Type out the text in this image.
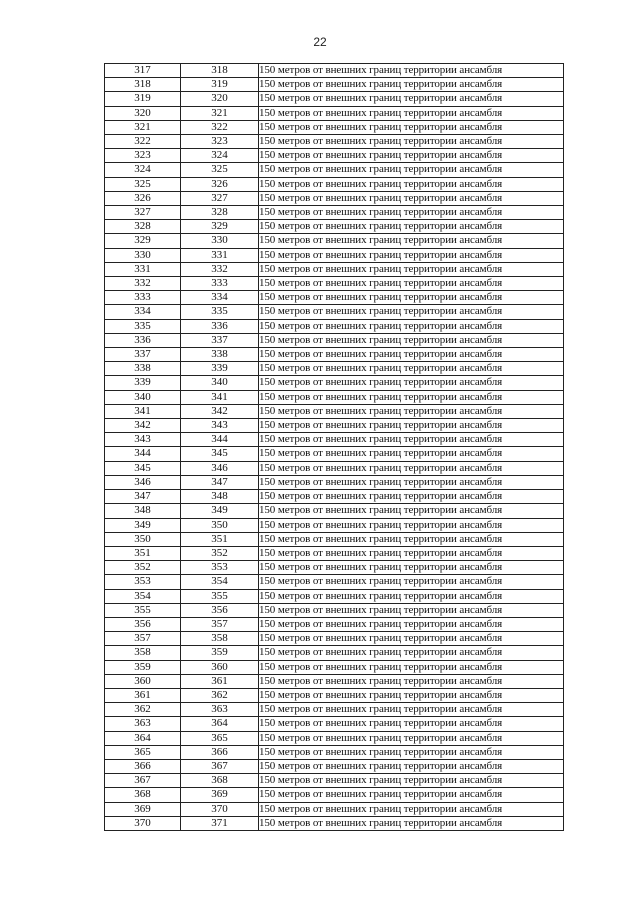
22
317	318	150 метров от внешних границ территории ансамбля
318	319	150 метров от внешних границ территории ансамбля
319	320	150 метров от внешних границ территории ансамбля
320	321	150 метров от внешних границ территории ансамбля
321	322	150 метров от внешних границ территории ансамбля
322	323	150 метров от внешних границ территории ансамбля
323	324	150 метров от внешних границ территории ансамбля
324	325	150 метров от внешних границ территории ансамбля
325	326	150 метров от внешних границ территории ансамбля
326	327	150 метров от внешних границ территории ансамбля
327	328	150 метров от внешних границ территории ансамбля
328	329	150 метров от внешних границ территории ансамбля
329	330	150 метров от внешних границ территории ансамбля
330	331	150 метров от внешних границ территории ансамбля
331	332	150 метров от внешних границ территории ансамбля
332	333	150 метров от внешних границ территории ансамбля
333	334	150 метров от внешних границ территории ансамбля
334	335	150 метров от внешних границ территории ансамбля
335	336	150 метров от внешних границ территории ансамбля
336	337	150 метров от внешних границ территории ансамбля
337	338	150 метров от внешних границ территории ансамбля
338	339	150 метров от внешних границ территории ансамбля
339	340	150 метров от внешних границ территории ансамбля
340	341	150 метров от внешних границ территории ансамбля
341	342	150 метров от внешних границ территории ансамбля
342	343	150 метров от внешних границ территории ансамбля
343	344	150 метров от внешних границ территории ансамбля
344	345	150 метров от внешних границ территории ансамбля
345	346	150 метров от внешних границ территории ансамбля
346	347	150 метров от внешних границ территории ансамбля
347	348	150 метров от внешних границ территории ансамбля
348	349	150 метров от внешних границ территории ансамбля
349	350	150 метров от внешних границ территории ансамбля
350	351	150 метров от внешних границ территории ансамбля
351	352	150 метров от внешних границ территории ансамбля
352	353	150 метров от внешних границ территории ансамбля
353	354	150 метров от внешних границ территории ансамбля
354	355	150 метров от внешних границ территории ансамбля
355	356	150 метров от внешних границ территории ансамбля
356	357	150 метров от внешних границ территории ансамбля
357	358	150 метров от внешних границ территории ансамбля
358	359	150 метров от внешних границ территории ансамбля
359	360	150 метров от внешних границ территории ансамбля
360	361	150 метров от внешних границ территории ансамбля
361	362	150 метров от внешних границ территории ансамбля
362	363	150 метров от внешних границ территории ансамбля
363	364	150 метров от внешних границ территории ансамбля
364	365	150 метров от внешних границ территории ансамбля
365	366	150 метров от внешних границ территории ансамбля
366	367	150 метров от внешних границ территории ансамбля
367	368	150 метров от внешних границ территории ансамбля
368	369	150 метров от внешних границ территории ансамбля
369	370	150 метров от внешних границ территории ансамбля
370	371	150 метров от внешних границ территории ансамбля
